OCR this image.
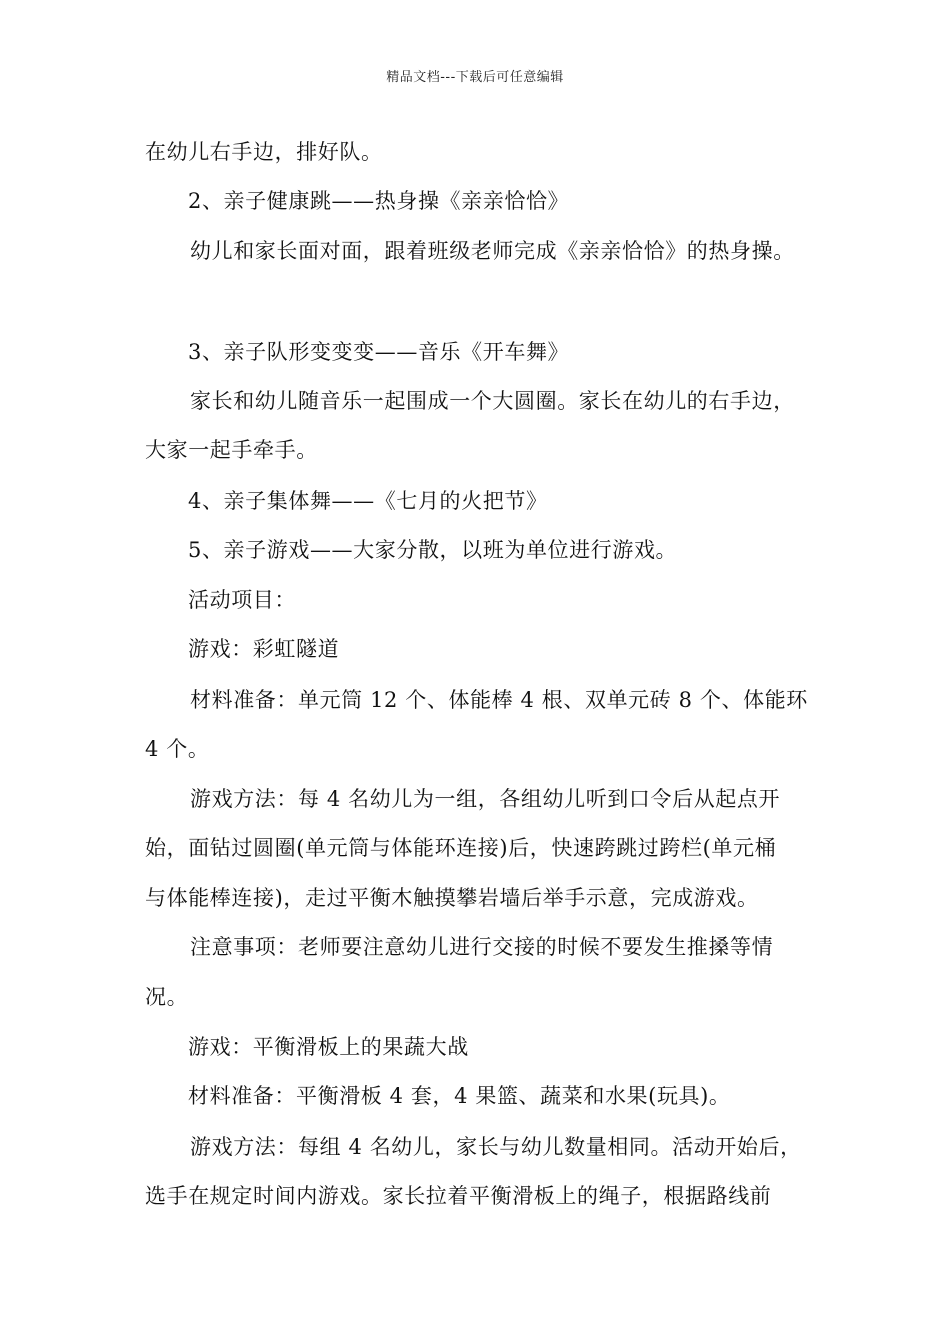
精品文档---下载后可任意编辑
在幼儿右手边，排好队。
2、亲子健康跳——热身操《亲亲恰恰》
幼儿和家长面对面，跟着班级老师完成《亲亲恰恰》的热身操。
3、亲子队形变变变——音乐《开车舞》
家长和幼儿随音乐一起围成一个大圆圈。家长在幼儿的右手边，
大家一起手牵手。
4、亲子集体舞——《七月的火把节》
5、亲子游戏——大家分散，以班为单位进行游戏。
活动项目：
游戏：彩虹隧道
材料准备：单元筒 12 个、体能棒 4 根、双单元砖 8 个、体能环
4 个。
游戏方法：每 4 名幼儿为一组，各组幼儿听到口令后从起点开
始，面钻过圆圈(单元筒与体能环连接)后，快速跨跳过跨栏(单元桶
与体能棒连接)，走过平衡木触摸攀岩墙后举手示意，完成游戏。
注意事项：老师要注意幼儿进行交接的时候不要发生推搡等情
况。
游戏：平衡滑板上的果蔬大战
材料准备：平衡滑板 4 套，4 果篮、蔬菜和水果(玩具)。
游戏方法：每组 4 名幼儿，家长与幼儿数量相同。活动开始后，
选手在规定时间内游戏。家长拉着平衡滑板上的绳子，根据路线前
